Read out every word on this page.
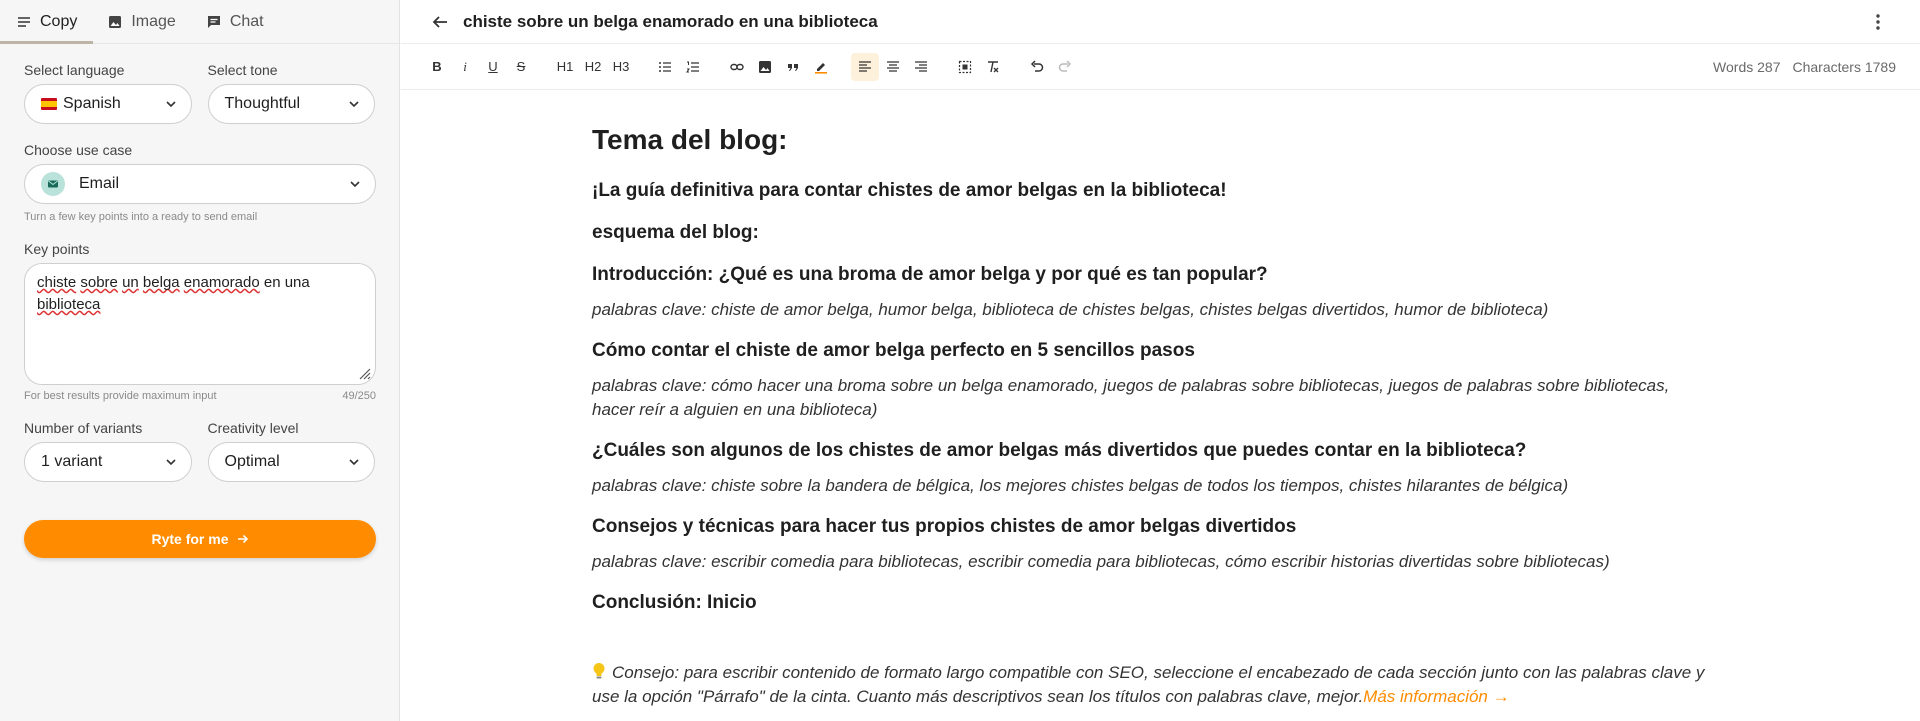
Copy	Image	Chat
Select language
Spanish
Select tone
Thoughtful
Choose use case
Email
Turn a few key points into a ready to send email
Key points
chiste sobre un belga enamorado en una
biblioteca
For best results provide maximum input	49/250
Number of variants
1 variant
Creativity level
Optimal
Ryte for me
chiste sobre un belga enamorado en una biblioteca
B	i	U	S	H1 H2 H3	Words 287 Characters 1789
Tema del blog:
¡La guía definitiva para contar chistes de amor belgas en la biblioteca!
esquema del blog:
Introducción: ¿Qué es una broma de amor belga y por qué es tan popular?
palabras clave: chiste de amor belga, humor belga, biblioteca de chistes belgas, chistes belgas divertidos, humor de biblioteca)
Cómo contar el chiste de amor belga perfecto en 5 sencillos pasos
palabras clave: cómo hacer una broma sobre un belga enamorado, juegos de palabras sobre bibliotecas, juegos de palabras sobre bibliotecas, hacer reír a alguien en una biblioteca)
¿Cuáles son algunos de los chistes de amor belgas más divertidos que puedes contar en la biblioteca?
palabras clave: chiste sobre la bandera de bélgica, los mejores chistes belgas de todos los tiempos, chistes hilarantes de bélgica)
Consejos y técnicas para hacer tus propios chistes de amor belgas divertidos
palabras clave: escribir comedia para bibliotecas, escribir comedia para bibliotecas, cómo escribir historias divertidas sobre bibliotecas)
Conclusión: Inicio
Consejo: para escribir contenido de formato largo compatible con SEO, seleccione el encabezado de cada sección junto con las palabras clave y use la opción "Párrafo" de la cinta. Cuanto más descriptivos sean los títulos con palabras clave, mejor.Más información →
